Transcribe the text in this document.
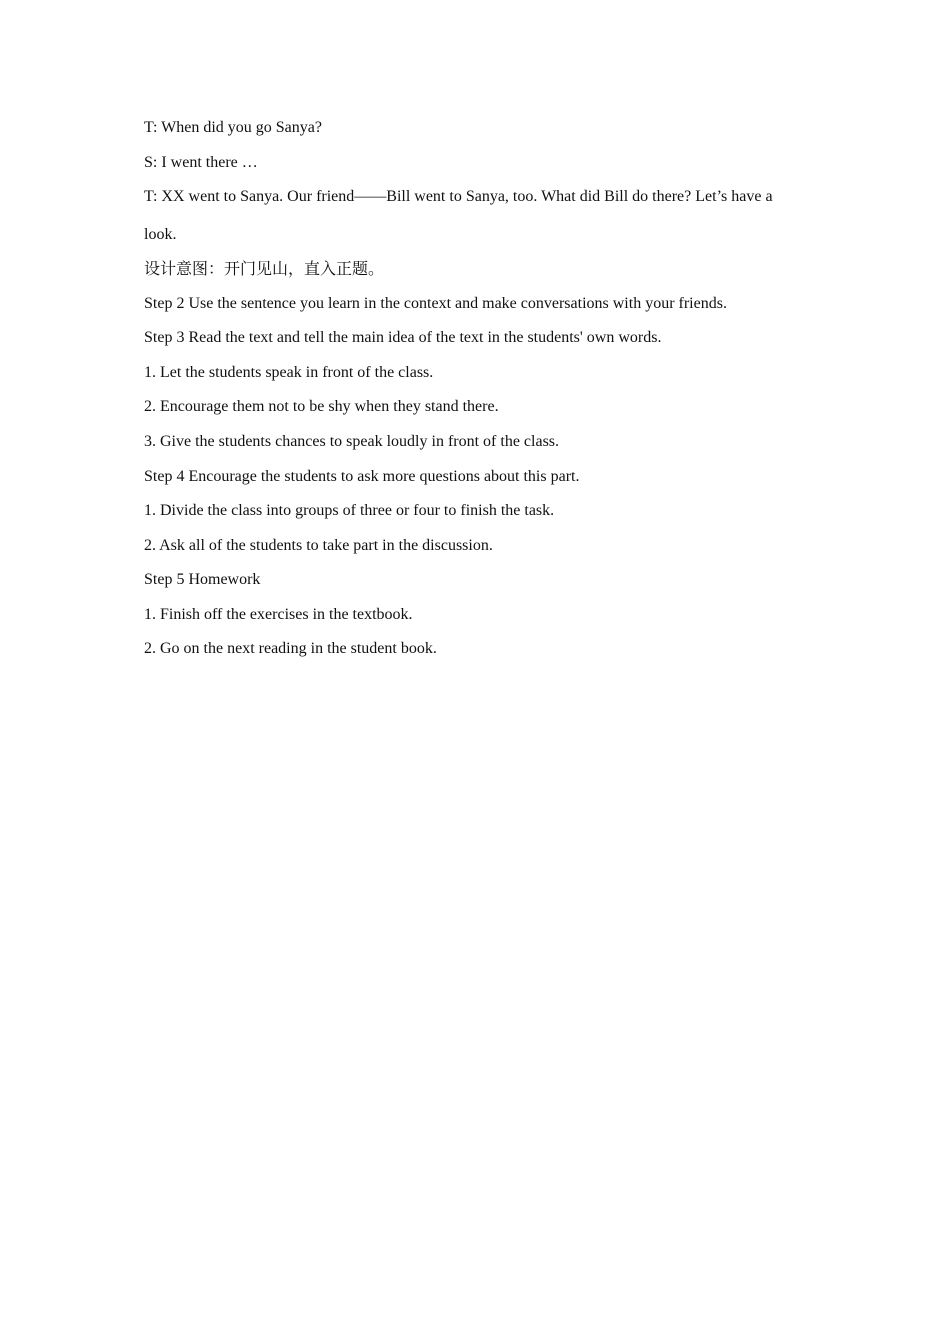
T: When did you go Sanya?
S: I went there …
T: XX went to Sanya. Our friend——Bill went to Sanya, too. What did Bill do there? Let’s have a
look.
设计意图：开门见山，直入正题。
Step 2 Use the sentence you learn in the context and make conversations with your friends.
Step 3 Read the text and tell the main idea of the text in the students' own words.
1. Let the students speak in front of the class.
2. Encourage them not to be shy when they stand there.
3. Give the students chances to speak loudly in front of the class.
Step 4 Encourage the students to ask more questions about this part.
1. Divide the class into groups of three or four to finish the task.
2. Ask all of the students to take part in the discussion.
Step 5 Homework
1. Finish off the exercises in the textbook.
2. Go on the next reading in the student book.
